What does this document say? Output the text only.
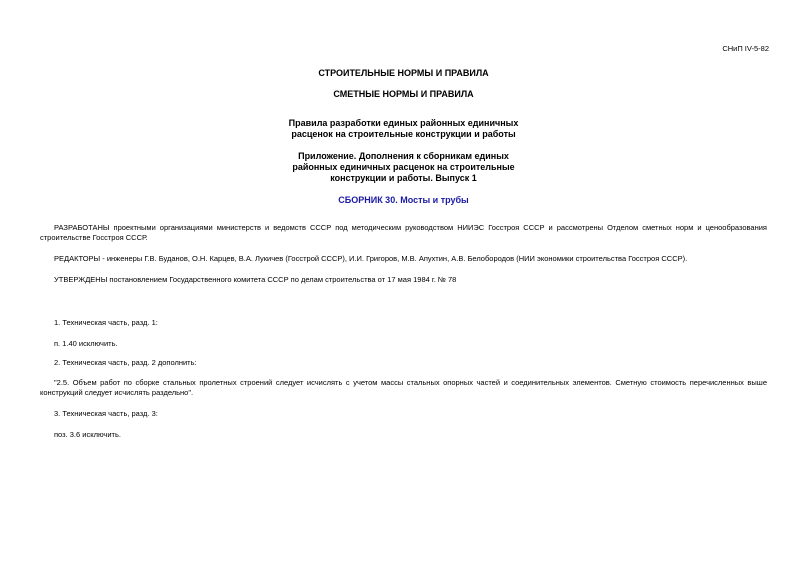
СНиП IV-5-82
СТРОИТЕЛЬНЫЕ НОРМЫ И ПРАВИЛА
СМЕТНЫЕ НОРМЫ И ПРАВИЛА
Правила разработки единых районных единичных
расценок на строительные конструкции и работы
Приложение. Дополнения к сборникам единых
районных единичных расценок на строительные
конструкции и работы. Выпуск 1
СБОРНИК 30. Мосты и трубы
РАЗРАБОТАНЫ проектными организациями министерств и ведомств СССР под методическим руководством НИИЭС Госстроя СССР и рассмотрены Отделом сметных норм и ценообразования строительстве Госстроя СССР.
РЕДАКТОРЫ - инженеры Г.В. Буданов, О.Н. Карцев, В.А. Лукичев (Госстрой СССР), И.И. Григоров, М.В. Апухтин, А.В. Белобородов (НИИ экономики строительства Госстроя СССР).
УТВЕРЖДЕНЫ постановлением Государственного комитета СССР по делам строительства от 17 мая 1984 г. № 78
1. Техническая часть, разд. 1:
п. 1.40 исключить.
2. Техническая часть, разд. 2 дополнить:
"2.5. Объем работ по сборке стальных пролетных строений следует исчислять с учетом массы стальных опорных частей и соединительных элементов. Сметную стоимость перечисленных выше конструкций следует исчислять раздельно".
3. Техническая часть, разд. 3:
поз. 3.6 исключить.
